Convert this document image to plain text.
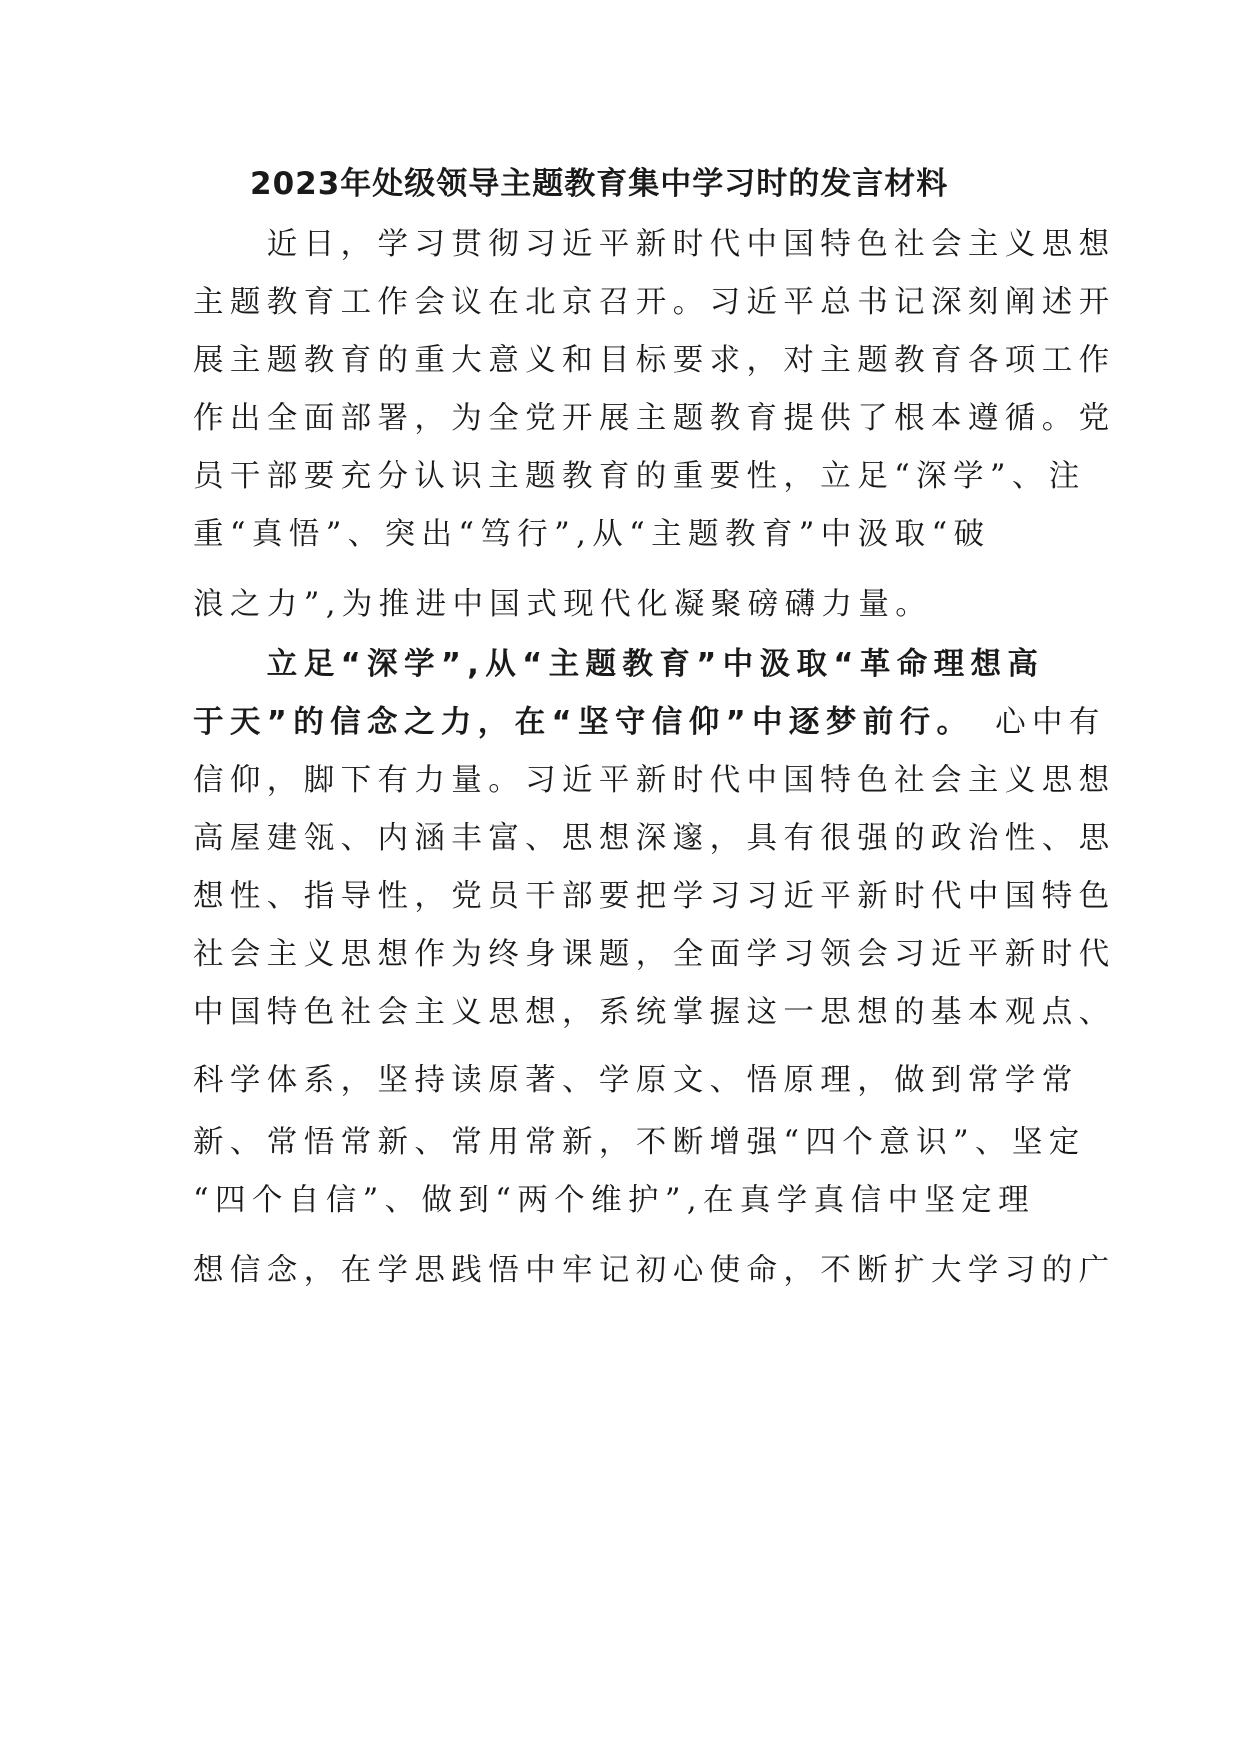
2023年处级领导主题教育集中学习时的发言材料
　　近日，学习贯彻习近平新时代中国特色社会主义思想
主题教育工作会议在北京召开。习近平总书记深刻阐述开
展主题教育的重大意义和目标要求，对主题教育各项工作
作出全面部署，为全党开展主题教育提供了根本遵循。党
员干部要充分认识主题教育的重要性，立足“深学”、注
重“真悟”、突出“笃行”,从“主题教育”中汲取“破
浪之力”,为推进中国式现代化凝聚磅礴力量。
　　立足“深学”,从“主题教育”中汲取“革命理想高
于天”的信念之力，在“坚守信仰”中逐梦前行。　心中有
信仰，脚下有力量。习近平新时代中国特色社会主义思想
高屋建瓴、内涵丰富、思想深邃，具有很强的政治性、思
想性、指导性，党员干部要把学习习近平新时代中国特色
社会主义思想作为终身课题，全面学习领会习近平新时代
中国特色社会主义思想，系统掌握这一思想的基本观点、
科学体系，坚持读原著、学原文、悟原理，做到常学常
新、常悟常新、常用常新，不断增强“四个意识”、坚定
“四个自信”、做到“两个维护”,在真学真信中坚定理
想信念，在学思践悟中牢记初心使命，不断扩大学习的广
